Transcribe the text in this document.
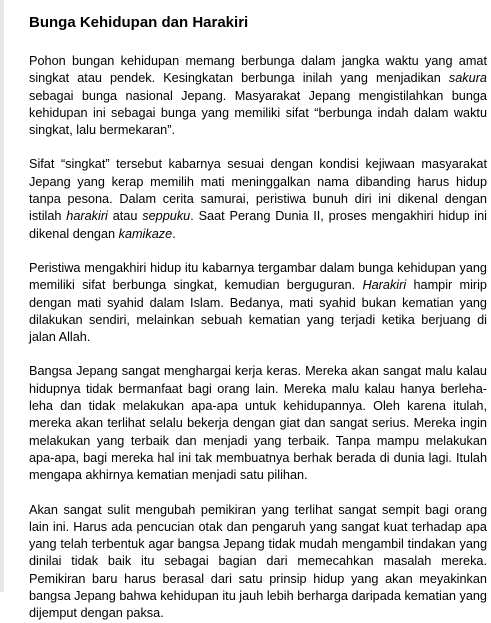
Bunga Kehidupan dan Harakiri

Pohon bungan kehidupan memang berbunga dalam jangka waktu yang amat singkat atau pendek. Kesingkatan berbunga inilah yang menjadikan sakura sebagai bunga nasional Jepang. Masyarakat Jepang mengistilahkan bunga kehidupan ini sebagai bunga yang memiliki sifat “berbunga indah dalam waktu singkat, lalu bermekaran”.

Sifat “singkat” tersebut kabarnya sesuai dengan kondisi kejiwaan masyarakat Jepang yang kerap memilih mati meninggalkan nama dibanding harus hidup tanpa pesona. Dalam cerita samurai, peristiwa bunuh diri ini dikenal dengan istilah harakiri atau seppuku. Saat Perang Dunia II, proses mengakhiri hidup ini dikenal dengan kamikaze.

Peristiwa mengakhiri hidup itu kabarnya tergambar dalam bunga kehidupan yang memiliki sifat berbunga singkat, kemudian berguguran. Harakiri hampir mirip dengan mati syahid dalam Islam. Bedanya, mati syahid bukan kematian yang dilakukan sendiri, melainkan sebuah kematian yang terjadi ketika berjuang di jalan Allah.

Bangsa Jepang sangat menghargai kerja keras. Mereka akan sangat malu kalau hidupnya tidak bermanfaat bagi orang lain. Mereka malu kalau hanya berleha-leha dan tidak melakukan apa-apa untuk kehidupannya. Oleh karena itulah, mereka akan terlihat selalu bekerja dengan giat dan sangat serius. Mereka ingin melakukan yang terbaik dan menjadi yang terbaik. Tanpa mampu melakukan apa-apa, bagi mereka hal ini tak membuatnya berhak berada di dunia lagi. Itulah mengapa akhirnya kematian menjadi satu pilihan.

Akan sangat sulit mengubah pemikiran yang terlihat sangat sempit bagi orang lain ini. Harus ada pencucian otak dan pengaruh yang sangat kuat terhadap apa yang telah terbentuk agar bangsa Jepang tidak mudah mengambil tindakan yang dinilai tidak baik itu sebagai bagian dari memecahkan masalah mereka. Pemikiran baru harus berasal dari satu prinsip hidup yang akan meyakinkan bangsa Jepang bahwa kehidupan itu jauh lebih berharga daripada kematian yang dijemput dengan paksa.
